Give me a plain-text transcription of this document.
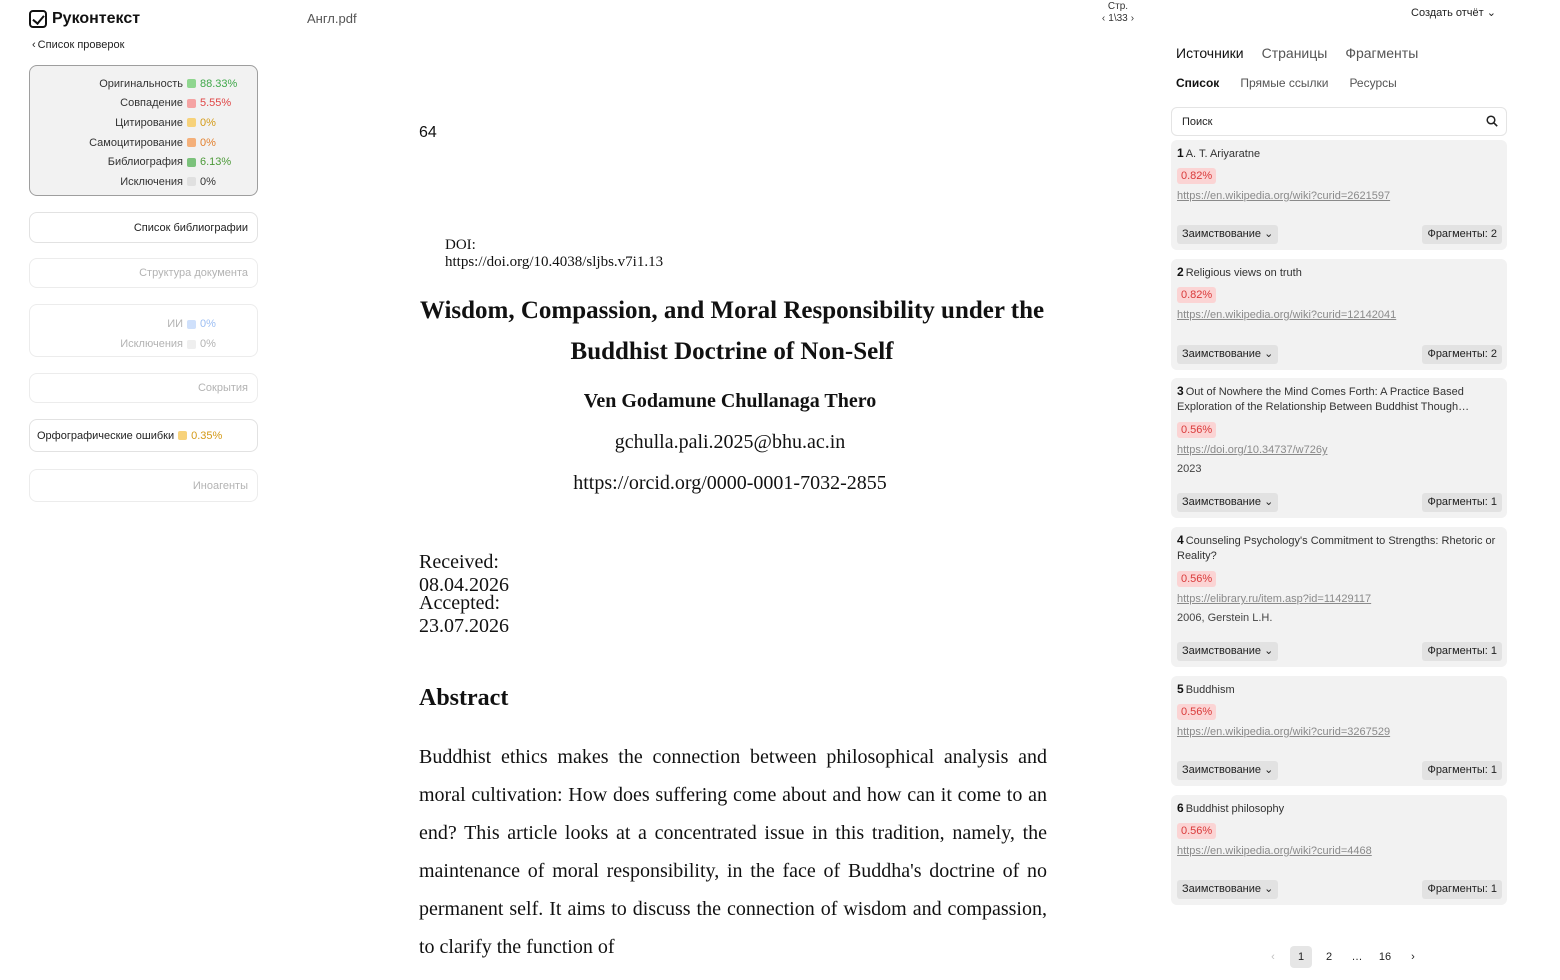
Руконтекст
‹ Список проверок
Оригинальность	88.33%
Совпадение	5.55%
Цитирование	0%
Самоцитирование	0%
Библиография	6.13%
Исключения	0%
Список библиографии
Структура документа
ИИ	0%
Исключения	0%
Сокрытия
Орфографические ошибки 0.35%
Иноагенты
Англ.pdf
Стр.
‹ 1\33 ›
64
DOI: https://doi.org/10.4038/sljbs.v7i1.13
Wisdom, Compassion, and Moral Responsibility under the Buddhist Doctrine of Non-Self
Ven Godamune Chullanaga Thero
gchulla.pali.2025@bhu.ac.in
https://orcid.org/0000-0001-7032-2855
Received: 08.04.2026
Accepted: 23.07.2026
Abstract
Buddhist ethics makes the connection between philosophical analysis and moral cultivation: How does suffering come about and how can it come to an end? This article looks at a concentrated issue in this tradition, namely, the maintenance of moral responsibility, in the face of Buddha's doctrine of no permanent self. It aims to discuss the connection of wisdom and compassion, to clarify the function of
Создать отчёт ⌄
Источники Страницы Фрагменты
Список Прямые ссылки Ресурсы
Поиск
1 A. T. Ariyaratne
0.82%
https://en.wikipedia.org/wiki?curid=2621597
Заимствование ⌄	Фрагменты: 2
2 Religious views on truth
0.82%
https://en.wikipedia.org/wiki?curid=12142041
Заимствование ⌄	Фрагменты: 2
3 Out of Nowhere the Mind Comes Forth: A Practice Based Exploration of the Relationship Between Buddhist Though…
0.56%
https://doi.org/10.34737/w726y
2023
Заимствование ⌄	Фрагменты: 1
4 Counseling Psychology's Commitment to Strengths: Rhetoric or Reality?
0.56%
https://elibrary.ru/item.asp?id=11429117
2006, Gerstein L.H.
Заимствование ⌄	Фрагменты: 1
5 Buddhism
0.56%
https://en.wikipedia.org/wiki?curid=3267529
Заимствование ⌄	Фрагменты: 1
6 Buddhist philosophy
0.56%
https://en.wikipedia.org/wiki?curid=4468
Заимствование ⌄	Фрагменты: 1
‹	1	2	…	16	›
